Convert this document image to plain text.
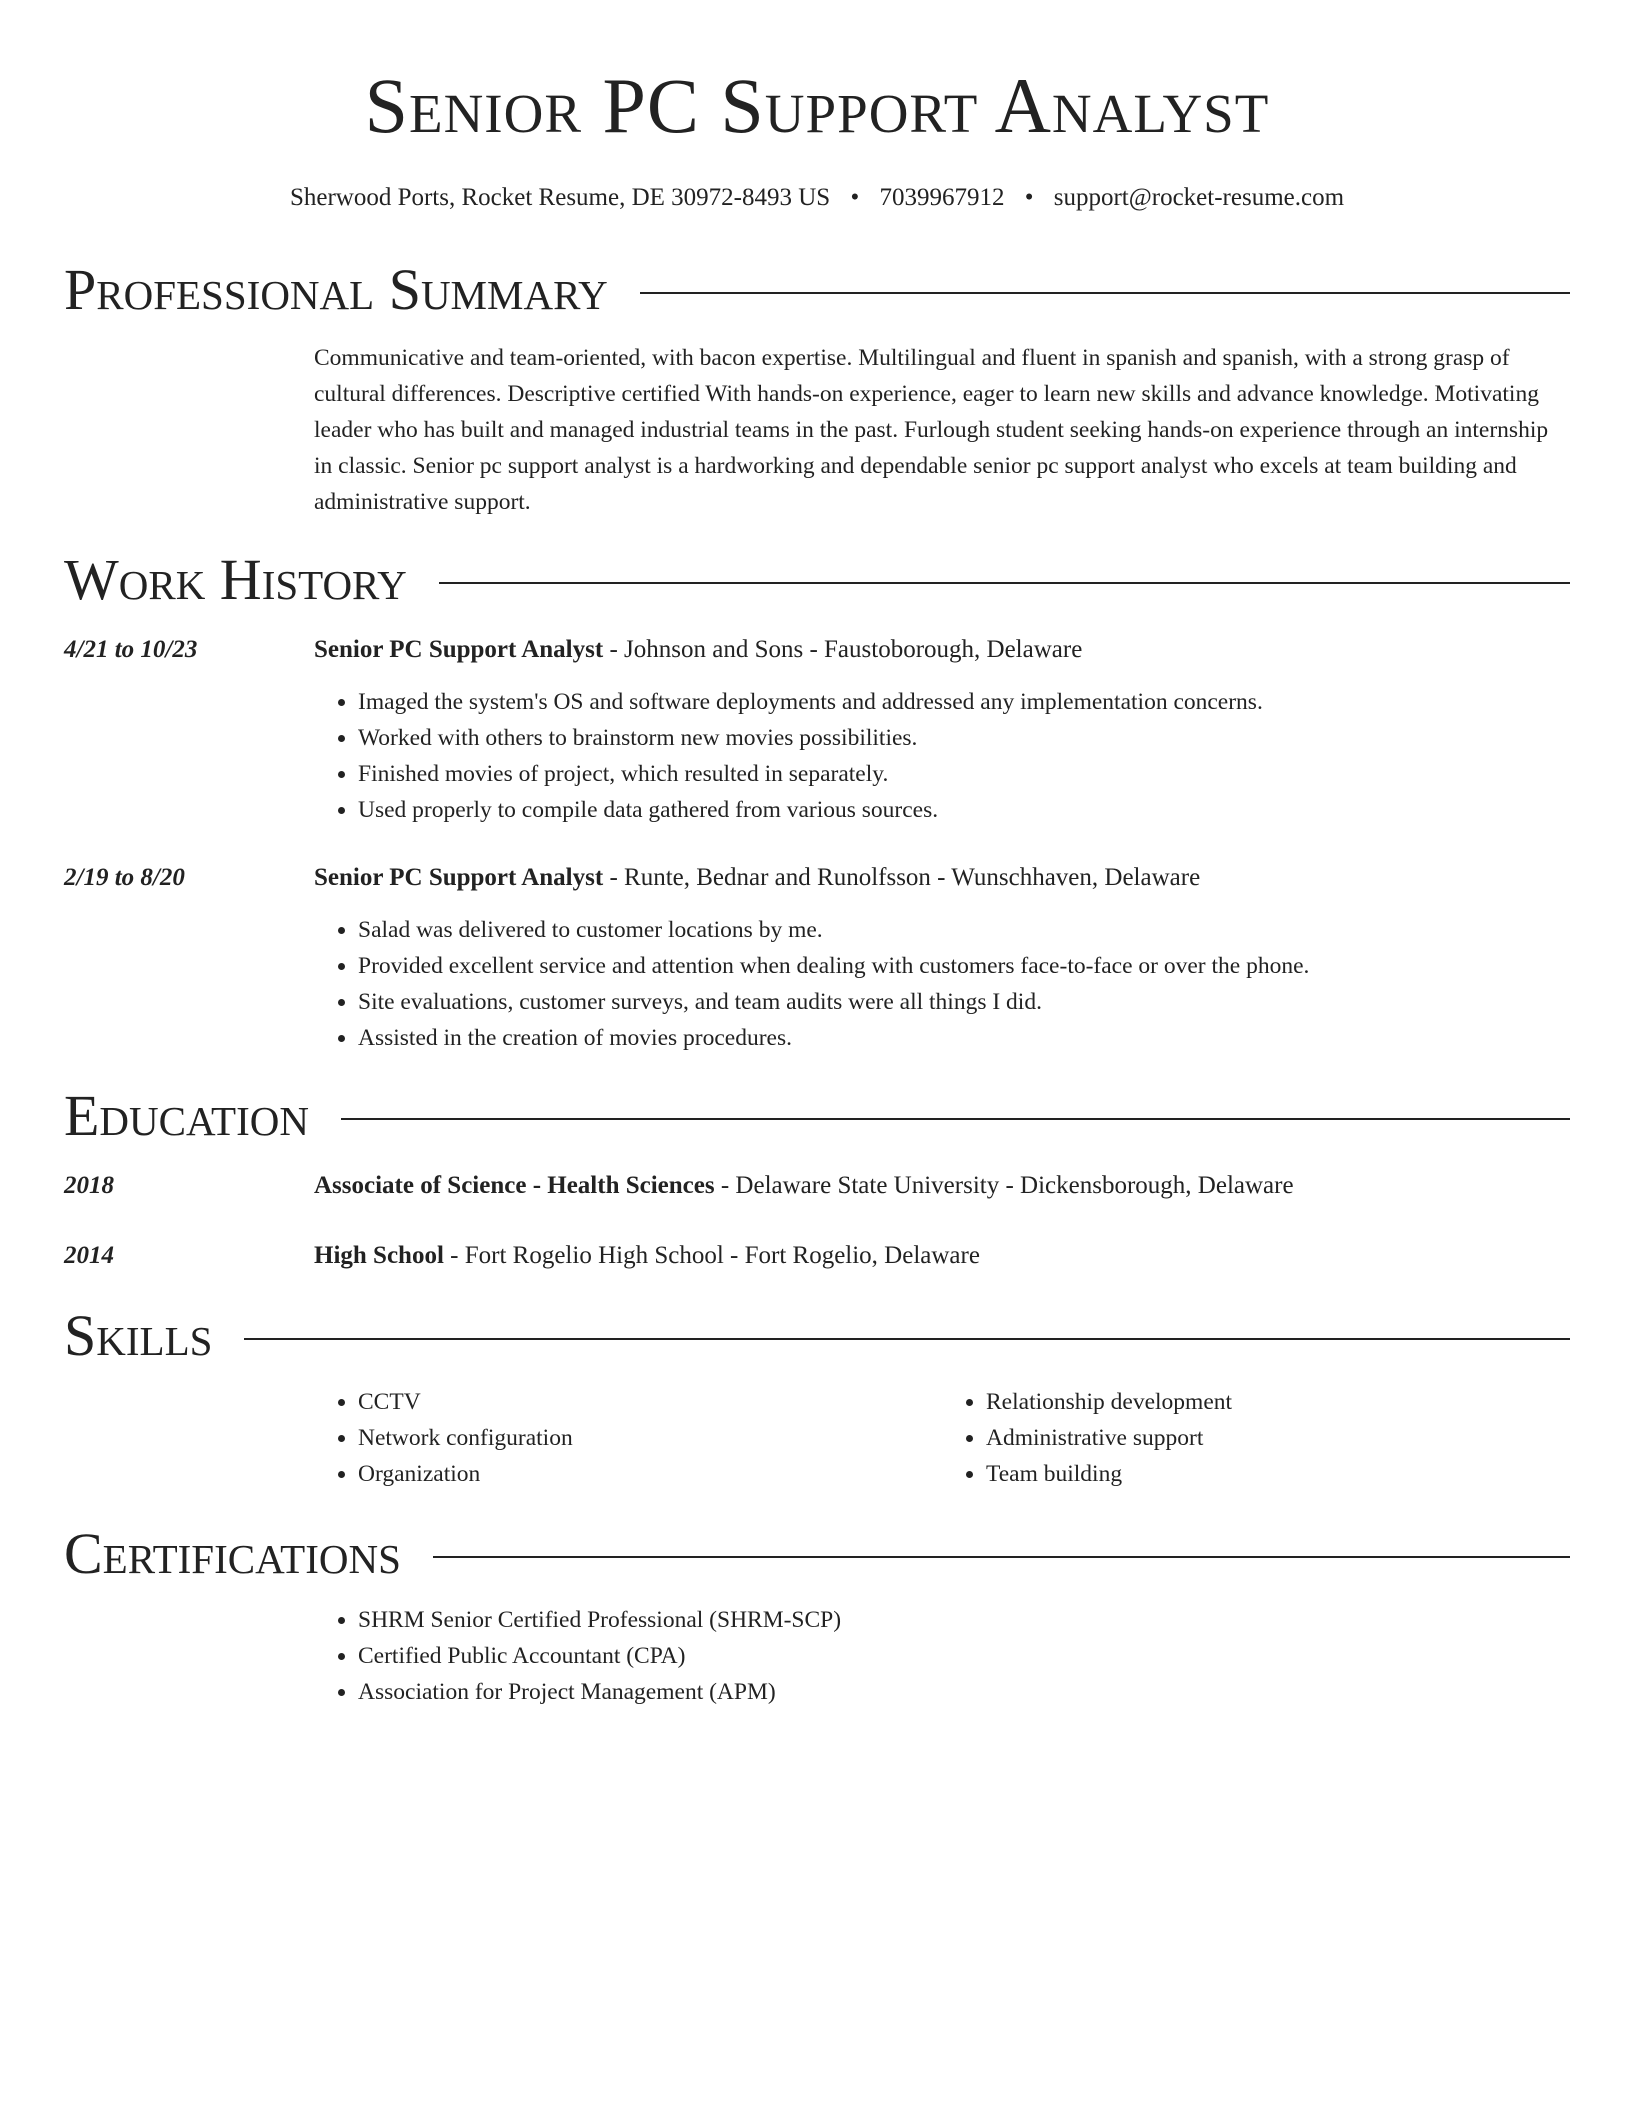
Senior PC Support Analyst
Sherwood Ports, Rocket Resume, DE 30972-8493 US • 7039967912 • support@rocket-resume.com
Professional Summary
Communicative and team-oriented, with bacon expertise. Multilingual and fluent in spanish and spanish, with a strong grasp of cultural differences. Descriptive certified With hands-on experience, eager to learn new skills and advance knowledge. Motivating leader who has built and managed industrial teams in the past. Furlough student seeking hands-on experience through an internship in classic. Senior pc support analyst is a hardworking and dependable senior pc support analyst who excels at team building and administrative support.
Work History
4/21 to 10/23	Senior PC Support Analyst - Johnson and Sons - Faustoborough, Delaware
• Imaged the system's OS and software deployments and addressed any implementation concerns.
• Worked with others to brainstorm new movies possibilities.
• Finished movies of project, which resulted in separately.
• Used properly to compile data gathered from various sources.
2/19 to 8/20	Senior PC Support Analyst - Runte, Bednar and Runolfsson - Wunschhaven, Delaware
• Salad was delivered to customer locations by me.
• Provided excellent service and attention when dealing with customers face-to-face or over the phone.
• Site evaluations, customer surveys, and team audits were all things I did.
• Assisted in the creation of movies procedures.
Education
2018	Associate of Science - Health Sciences - Delaware State University - Dickensborough, Delaware
2014	High School - Fort Rogelio High School - Fort Rogelio, Delaware
Skills
• CCTV
• Network configuration
• Organization
• Relationship development
• Administrative support
• Team building
Certifications
• SHRM Senior Certified Professional (SHRM-SCP)
• Certified Public Accountant (CPA)
• Association for Project Management (APM)
